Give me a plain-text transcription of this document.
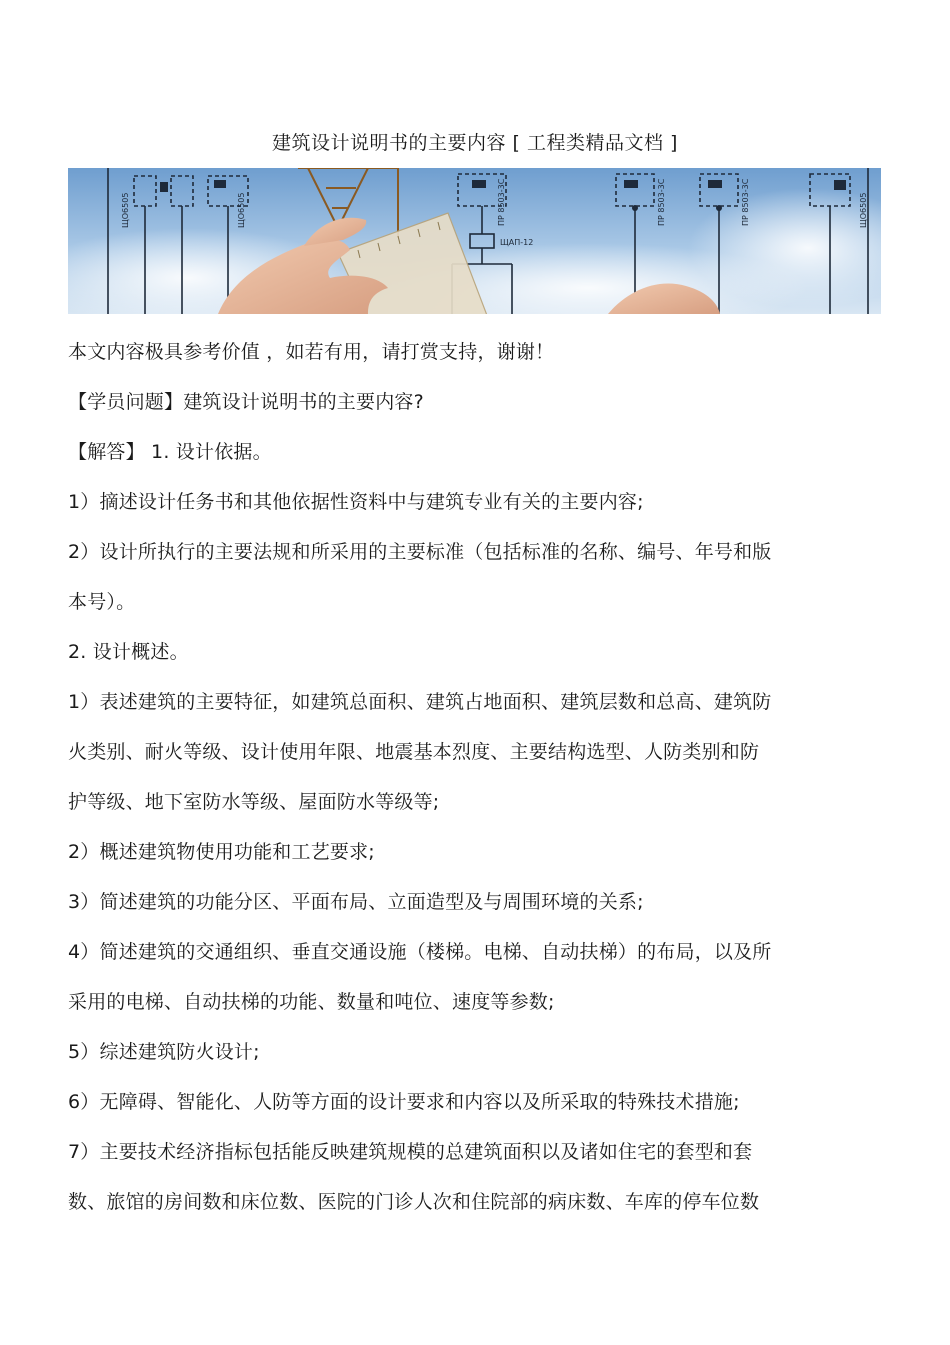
建筑设计说明书的主要内容 [ 工程类精品文档 ]
ЩО6505	ПР 8503-3С
ЩАП-12
ЩО6505
ПР 8503-3С	ПР 8503-3С
ЩО6505

本文内容极具参考价值 ，如若有用，请打赏支持，谢谢！

【学员问题】建筑设计说明书的主要内容?

【解答】 1. 设计依据。

1）摘述设计任务书和其他依据性资料中与建筑专业有关的主要内容;

2）设计所执行的主要法规和所采用的主要标准（包括标准的名称、编号、年号和版

本号）。

2. 设计概述。

1）表述建筑的主要特征，如建筑总面积、建筑占地面积、建筑层数和总高、建筑防

火类别、耐火等级、设计使用年限、地震基本烈度、主要结构选型、人防类别和防

护等级、地下室防水等级、屋面防水等级等;

2）概述建筑物使用功能和工艺要求;

3）简述建筑的功能分区、平面布局、立面造型及与周围环境的关系;

4）简述建筑的交通组织、垂直交通设施（楼梯。电梯、自动扶梯）的布局，以及所

采用的电梯、自动扶梯的功能、数量和吨位、速度等参数;

5）综述建筑防火设计;

6）无障碍、智能化、人防等方面的设计要求和内容以及所采取的特殊技术措施;

7）主要技术经济指标包括能反映建筑规模的总建筑面积以及诸如住宅的套型和套

数、旅馆的房间数和床位数、医院的门诊人次和住院部的病床数、车库的停车位数
